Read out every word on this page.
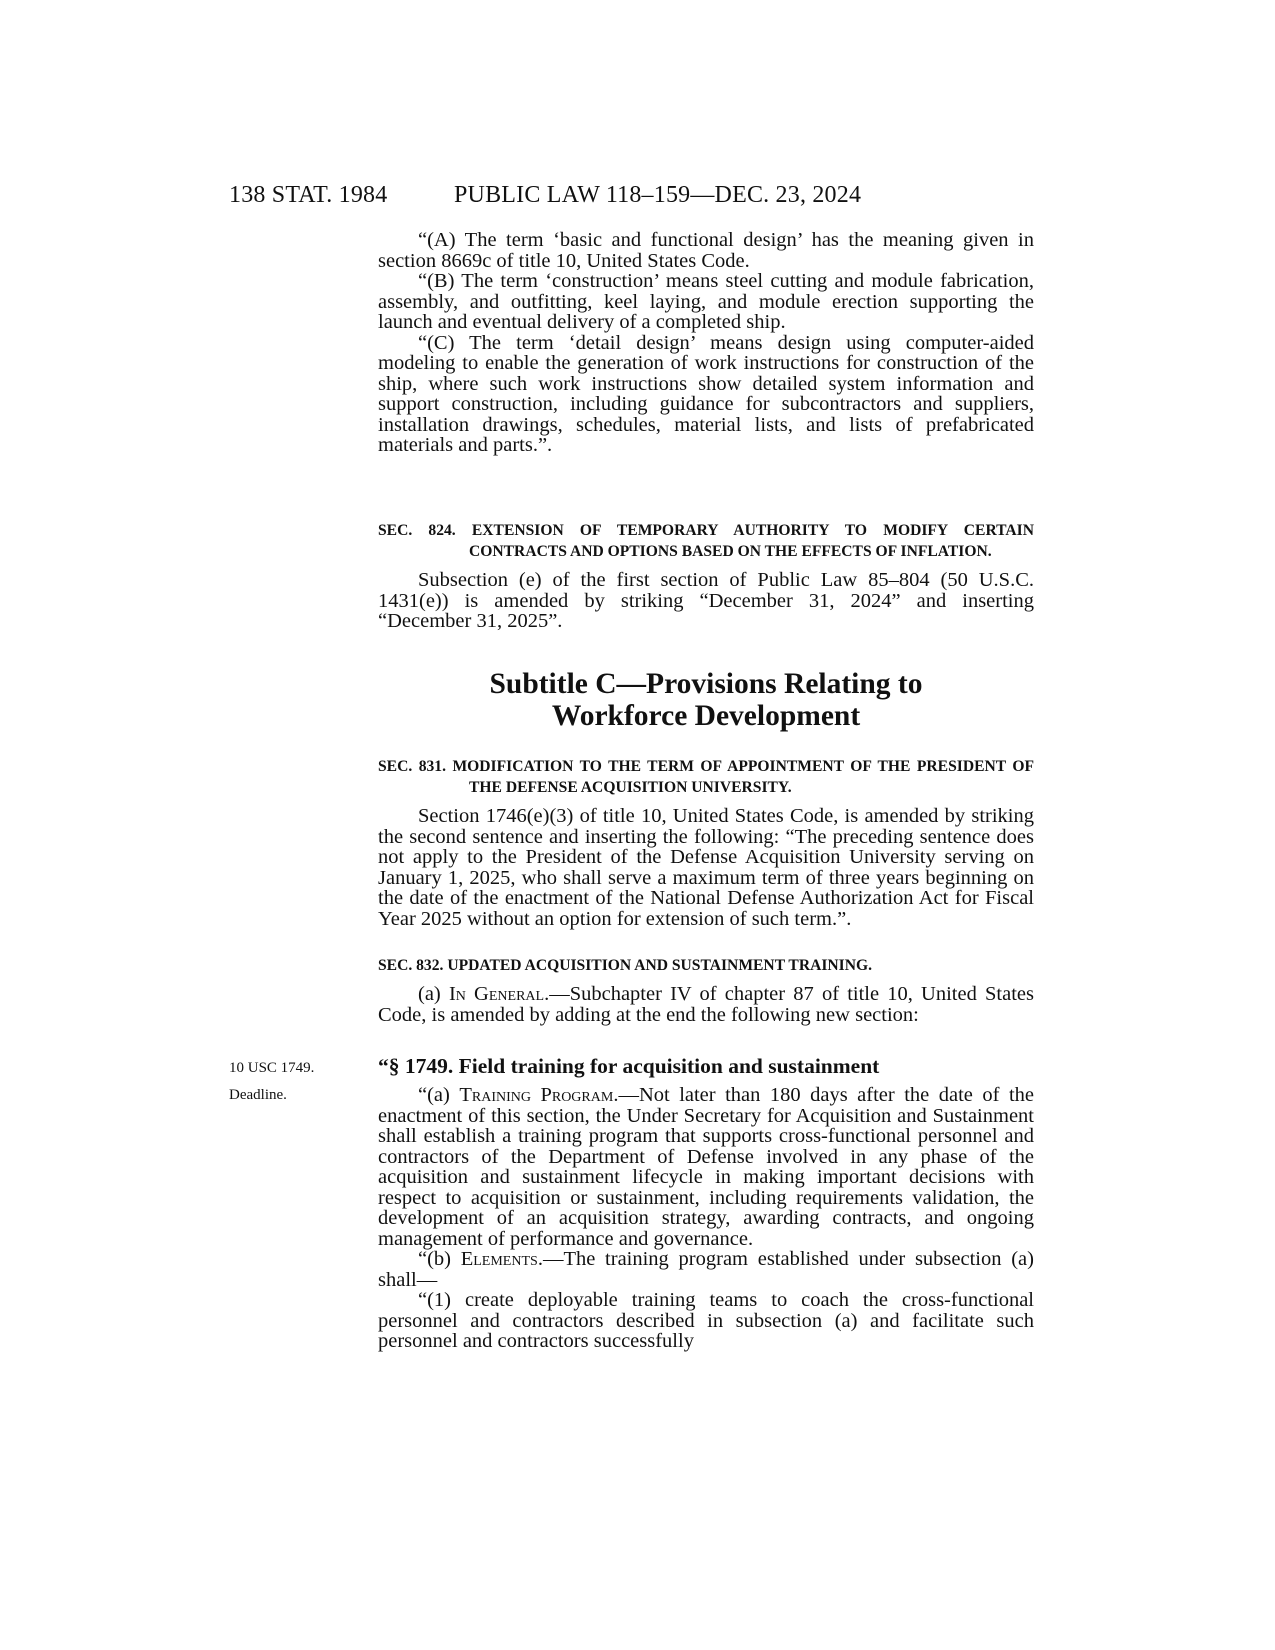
138 STAT. 1984	PUBLIC LAW 118–159—DEC. 23, 2024

“(A) The term ‘basic and functional design’ has the meaning given in section 8669c of title 10, United States Code.

“(B) The term ‘construction’ means steel cutting and module fabrication, assembly, and outfitting, keel laying, and module erection supporting the launch and eventual delivery of a completed ship.

“(C) The term ‘detail design’ means design using computer-aided modeling to enable the generation of work instructions for construction of the ship, where such work instructions show detailed system information and support construction, including guidance for subcontractors and suppliers, installation drawings, schedules, material lists, and lists of prefabricated materials and parts.”.

SEC. 824. EXTENSION OF TEMPORARY AUTHORITY TO MODIFY CERTAIN CONTRACTS AND OPTIONS BASED ON THE EFFECTS OF INFLATION.

Subsection (e) of the first section of Public Law 85–804 (50 U.S.C. 1431(e)) is amended by striking “December 31, 2024” and inserting “December 31, 2025”.

Subtitle C—Provisions Relating to
Workforce Development

SEC. 831. MODIFICATION TO THE TERM OF APPOINTMENT OF THE PRESIDENT OF THE DEFENSE ACQUISITION UNIVERSITY.

Section 1746(e)(3) of title 10, United States Code, is amended by striking the second sentence and inserting the following: “The preceding sentence does not apply to the President of the Defense Acquisition University serving on January 1, 2025, who shall serve a maximum term of three years beginning on the date of the enactment of the National Defense Authorization Act for Fiscal Year 2025 without an option for extension of such term.”.

SEC. 832. UPDATED ACQUISITION AND SUSTAINMENT TRAINING.

(a) In General.—Subchapter IV of chapter 87 of title 10, United States Code, is amended by adding at the end the following new section:

10 USC 1749.
Deadline.
“§ 1749. Field training for acquisition and sustainment

“(a) Training Program.—Not later than 180 days after the date of the enactment of this section, the Under Secretary for Acquisition and Sustainment shall establish a training program that supports cross-functional personnel and contractors of the Department of Defense involved in any phase of the acquisition and sustainment lifecycle in making important decisions with respect to acquisition or sustainment, including requirements validation, the development of an acquisition strategy, awarding contracts, and ongoing management of performance and governance.

“(b) Elements.—The training program established under subsection (a) shall—

“(1) create deployable training teams to coach the cross-functional personnel and contractors described in subsection (a) and facilitate such personnel and contractors successfully
